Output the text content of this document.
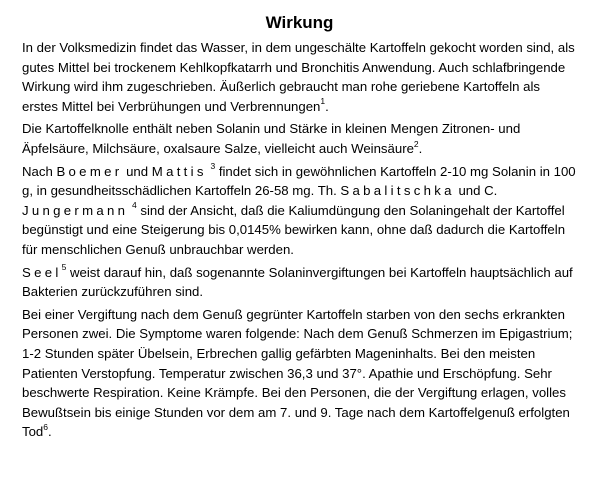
Wirkung

In der Volksmedizin findet das Wasser, in dem ungeschälte Kartoffeln gekocht worden sind, als gutes Mittel bei trockenem Kehlkopfkatarrh und Bronchitis Anwendung. Auch schlafbringende Wirkung wird ihm zugeschrieben. Äußerlich gebraucht man rohe geriebene Kartoffeln als erstes Mittel bei Verbrühungen und Verbrennungen$^1$.

Die Kartoffelknolle enthält neben Solanin und Stärke in kleinen Mengen Zitronen- und Äpfelsäure, Milchsäure, oxalsaure Salze, vielleicht auch Weinsäure$^2$.

Nach Boemer und Mattis $^3$ findet sich in gewöhnlichen Kartoffeln 2-10 mg Solanin in 100 g, in gesundheitsschädlichen Kartoffeln 26-58 mg. Th. Sabalitschka und C. Jungermann $^4$ sind der Ansicht, daß die Kaliumdüngung den Solaningehalt der Kartoffel begünstigt und eine Steigerung bis 0,0145% bewirken kann, ohne daß dadurch die Kartoffeln für menschlichen Genuß unbrauchbar werden.

Seel$^5$ weist darauf hin, daß sogenannte Solaninvergiftungen bei Kartoffeln hauptsächlich auf Bakterien zurückzuführen sind.

Bei einer Vergiftung nach dem Genuß gegrünter Kartoffeln starben von den sechs erkrankten Personen zwei. Die Symptome waren folgende: Nach dem Genuß Schmerzen im Epigastrium; 1-2 Stunden später Übelsein, Erbrechen gallig gefärbten Mageninhalts. Bei den meisten Patienten Verstopfung. Temperatur zwischen 36,3 und 37°. Apathie und Erschöpfung. Sehr beschwerte Respiration. Keine Krämpfe. Bei den Personen, die der Vergiftung erlagen, volles Bewußtsein bis einige Stunden vor dem am 7. und 9. Tage nach dem Kartoffelgenuß erfolgten Tod$^6$.
